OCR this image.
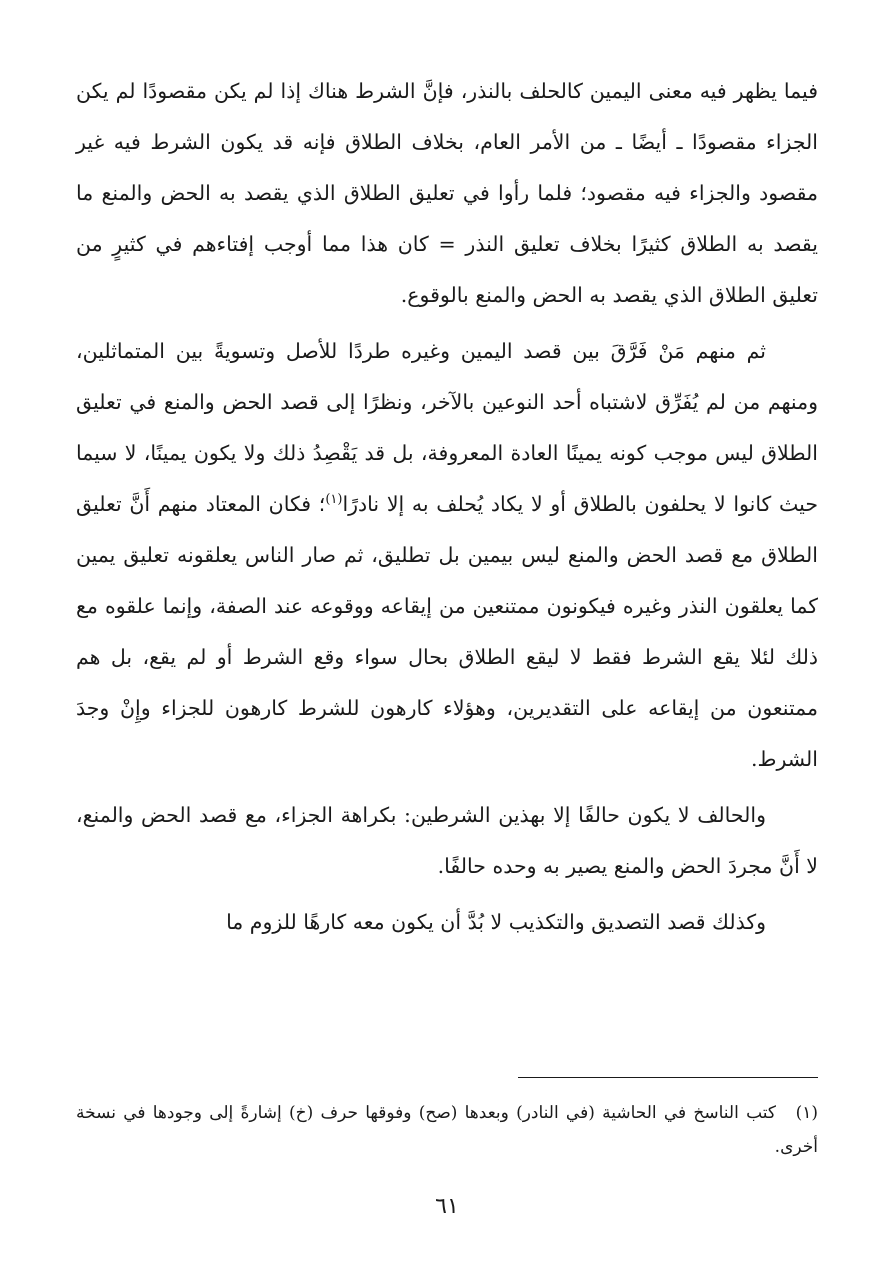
فيما يظهر فيه معنى اليمين كالحلف بالنذر، فإنَّ الشرط هناك إذا لم يكن مقصودًا لم يكن الجزاء مقصودًا ـ أيضًا ـ من الأمر العام، بخلاف الطلاق فإنه قد يكون الشرط فيه غير مقصود والجزاء فيه مقصود؛ فلما رأوا في تعليق الطلاق الذي يقصد به الحض والمنع ما يقصد به الطلاق كثيرًا بخلاف تعليق النذر = كان هذا مما أوجب إفتاءهم في كثيرٍ من تعليق الطلاق الذي يقصد به الحض والمنع بالوقوع.

ثم منهم مَنْ فَرَّقَ بين قصد اليمين وغيره طردًا للأصل وتسويةً بين المتماثلين، ومنهم من لم يُفَرِّق لاشتباه أحد النوعين بالآخر، ونظرًا إلى قصد الحض والمنع في تعليق الطلاق ليس موجب كونه يمينًا العادة المعروفة، بل قد يَقْصِدُ ذلك ولا يكون يمينًا، لا سيما حيث كانوا لا يحلفون بالطلاق أو لا يكاد يُحلف به إلا نادرًا$^{(١)}$؛ فكان المعتاد منهم أَنَّ تعليق الطلاق مع قصد الحض والمنع ليس بيمين بل تطليق، ثم صار الناس يعلقونه تعليق يمين كما يعلقون النذر وغيره فيكونون ممتنعين من إيقاعه ووقوعه عند الصفة، وإنما علقوه مع ذلك لئلا يقع الشرط فقط لا ليقع الطلاق بحال سواء وقع الشرط أو لم يقع، بل هم ممتنعون من إيقاعه على التقديرين، وهؤلاء كارهون للشرط كارهون للجزاء وإِنْ وجدَ الشرط.

والحالف لا يكون حالفًا إلا بهذين الشرطين: بكراهة الجزاء، مع قصد الحض والمنع، لا أَنَّ مجردَ الحض والمنع يصير به وحده حالفًا.

وكذلك قصد التصديق والتكذيب لا بُدَّ أن يكون معه كارهًا للزوم ما

(١)كتب الناسخ في الحاشية (في النادر) وبعدها (صح) وفوقها حرف (خ) إشارةً إلى وجودها في نسخة أخرى.
٦١
